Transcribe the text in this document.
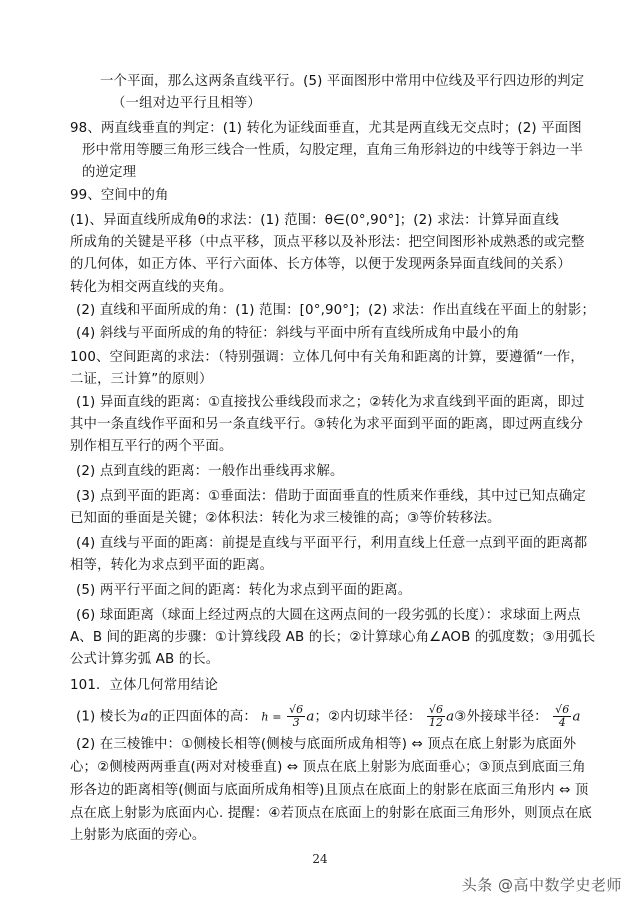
一个平面，那么这两条直线平行。(5) 平面图形中常用中位线及平行四边形的判定
（一组对边平行且相等）
98、两直线垂直的判定：(1) 转化为证线面垂直，尤其是两直线无交点时；(2) 平面图
形中常用等腰三角形三线合一性质，勾股定理，直角三角形斜边的中线等于斜边一半
的逆定理
99、空间中的角
(1)、异面直线所成角θ的求法：(1) 范围：θ∈(0°,90°]；(2) 求法：计算异面直线
所成角的关键是平移（中点平移，顶点平移以及补形法：把空间图形补成熟悉的或完整
的几何体，如正方体、平行六面体、长方体等，以便于发现两条异面直线间的关系）
转化为相交两直线的夹角。
(2) 直线和平面所成的角：(1) 范围：[0°,90°]；(2) 求法：作出直线在平面上的射影；
(4) 斜线与平面所成的角的特征：斜线与平面中所有直线所成角中最小的角
100、空间距离的求法：（特别强调：立体几何中有关角和距离的计算，要遵循“一作，
二证，三计算”的原则）
(1) 异面直线的距离：①直接找公垂线段而求之；②转化为求直线到平面的距离，即过
其中一条直线作平面和另一条直线平行。③转化为求平面到平面的距离，即过两直线分
别作相互平行的两个平面。
(2) 点到直线的距离：一般作出垂线再求解。
(3) 点到平面的距离：①垂面法：借助于面面垂直的性质来作垂线，其中过已知点确定
已知面的垂面是关键；②体积法：转化为求三棱锥的高；③等价转移法。
(4) 直线与平面的距离：前提是直线与平面平行，利用直线上任意一点到平面的距离都
相等，转化为求点到平面的距离。
(5) 两平行平面之间的距离：转化为求点到平面的距离。
(6) 球面距离（球面上经过两点的大圆在这两点间的一段劣弧的长度）：求球面上两点
A、B 间的距离的步骤：①计算线段 AB 的长；②计算球心角∠AOB 的弧度数；③用弧长
公式计算劣弧 AB 的长。
101．立体几何常用结论
(1) 棱长为a的正四面体的高： $h = \frac{√6}{3}$ a；②内切球半径： $\frac{√6}{12}$ a③外接球半径： $\frac{√6}{4}$ a
(2) 在三棱锥中：①侧棱长相等(侧棱与底面所成角相等) ⇔ 顶点在底上射影为底面外
心；②侧棱两两垂直(两对对棱垂直) ⇔ 顶点在底上射影为底面垂心；③顶点到底面三角
形各边的距离相等(侧面与底面所成角相等)且顶点在底面上的射影在底面三角形内 ⇔ 顶
点在底上射影为底面内心. 提醒：④若顶点在底面上的射影在底面三角形外，则顶点在底
上射影为底面的旁心。
24
头条 @高中数学史老师
